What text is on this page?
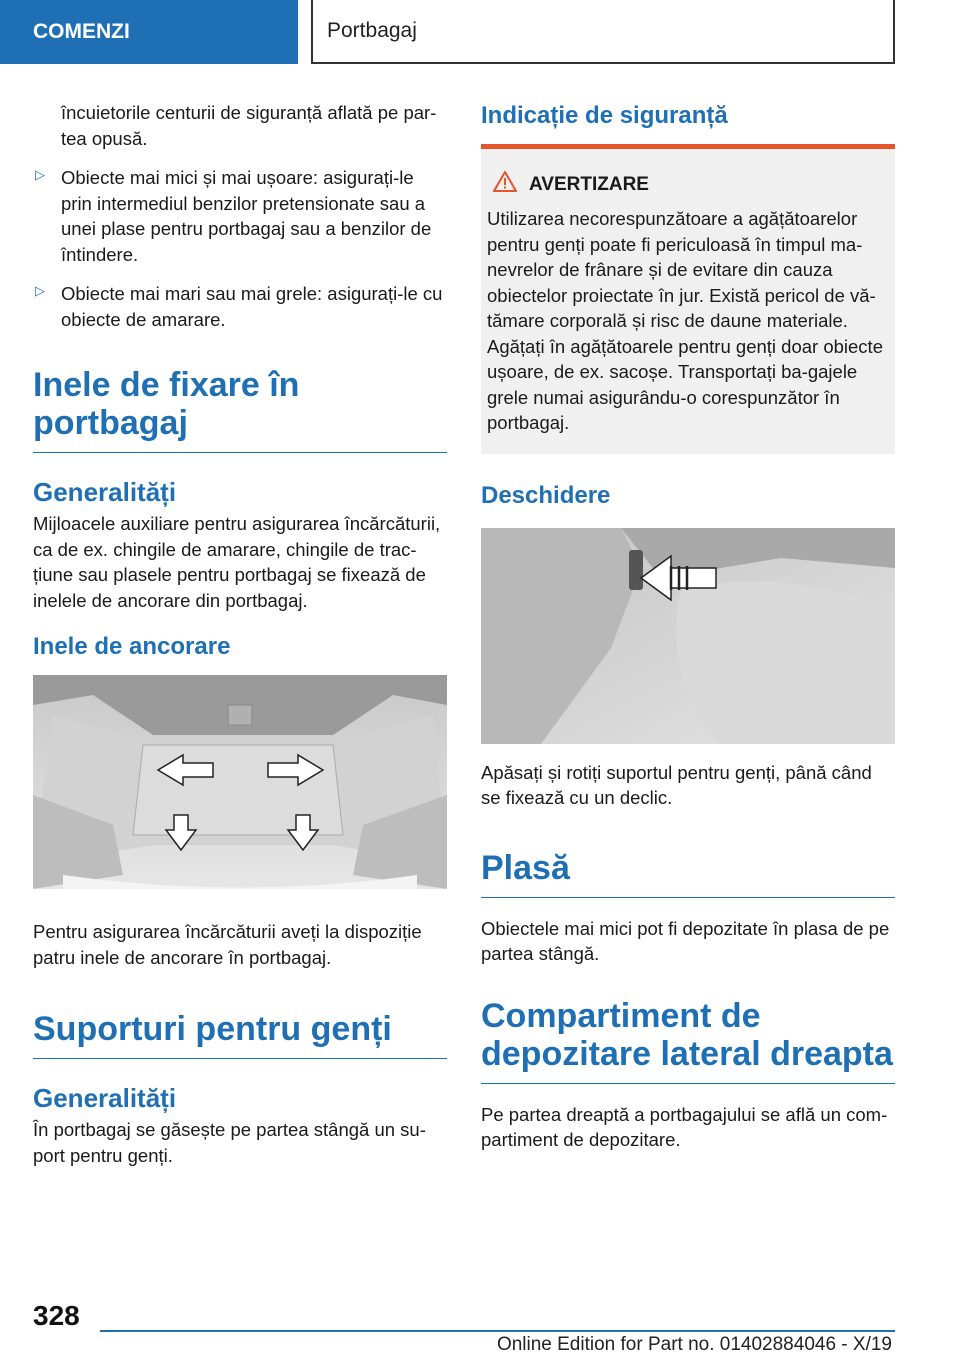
COMENZI	Portbagaj

încuietorile centurii de siguranță aflată pe par‐tea opusă.

▷ Obiecte mai mici și mai ușoare: asigurați-le prin intermediul benzilor pretensionate sau a unei plase pentru portbagaj sau a benzilor de întindere.

▷ Obiecte mai mari sau mai grele: asigurați-le cu obiecte de amarare.

Inele de fixare în portbagaj
Generalități

Mijloacele auxiliare pentru asigurarea încărcăturii, ca de ex. chingile de amarare, chingile de trac‐țiune sau plasele pentru portbagaj se fixează de inelele de ancorare din portbagaj.

Inele de ancorare

Pentru asigurarea încărcăturii aveți la dispoziție patru inele de ancorare în portbagaj.

Suporturi pentru genți
Generalități

În portbagaj se găsește pe partea stângă un su‐port pentru genți.

Indicație de siguranță
AVERTIZARE

Utilizarea necorespunzătoare a agățătoarelor pentru genți poate fi periculoasă în timpul ma‐nevrelor de frânare și de evitare din cauza obiectelor proiectate în jur. Există pericol de vă‐tămare corporală și risc de daune materiale. Agățați în agățătoarele pentru genți doar obiecte ușoare, de ex. sacoșe. Transportați ba‐gajele grele numai asigurându-o corespunzător în portbagaj.

Deschidere

Apăsați și rotiți suportul pentru genți, până când se fixează cu un declic.

Plasă

Obiectele mai mici pot fi depozitate în plasa de pe partea stângă.

Compartiment de depozitare lateral dreapta

Pe partea dreaptă a portbagajului se află un com‐partiment de depozitare.

328
Online Edition for Part no. 01402884046 - X/19
